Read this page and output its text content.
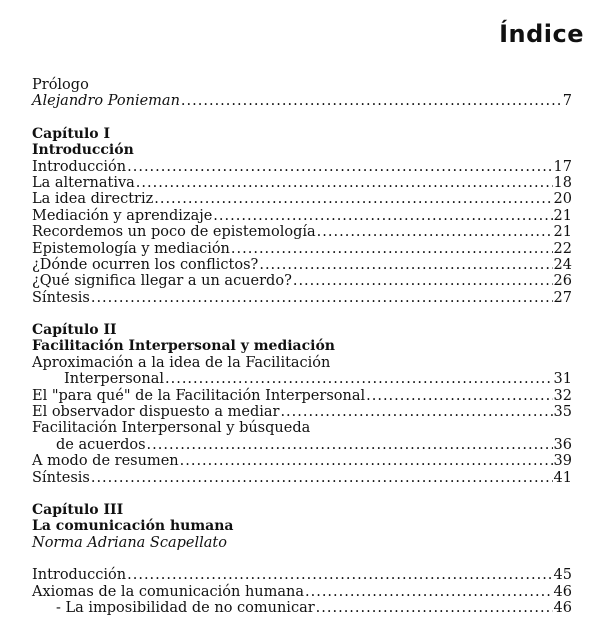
Índice
Prólogo
Alejandro Ponieman .....	7
Capítulo I
Introducción
Introducción .....	17
La alternativa .....	18
La idea directriz .....	20
Mediación y aprendizaje .....	21
Recordemos un poco de epistemología .....	21
Epistemología y mediación .....	22
¿Dónde ocurren los conflictos? .....	24
¿Qué significa llegar a un acuerdo? .....	26
Síntesis .....	27
Capítulo II
Facilitación Interpersonal y mediación
Aproximación a la idea de la Facilitación
Interpersonal .....	31
El "para qué" de la Facilitación Interpersonal .....	32
El observador dispuesto a mediar .....	35
Facilitación Interpersonal y búsqueda
de acuerdos .....	36
A modo de resumen .....	39
Síntesis .....	41
Capítulo III
La comunicación humana
Norma Adriana Scapellato
Introducción .....	45
Axiomas de la comunicación humana .....	46
- La imposibilidad de no comunicar .....	46
